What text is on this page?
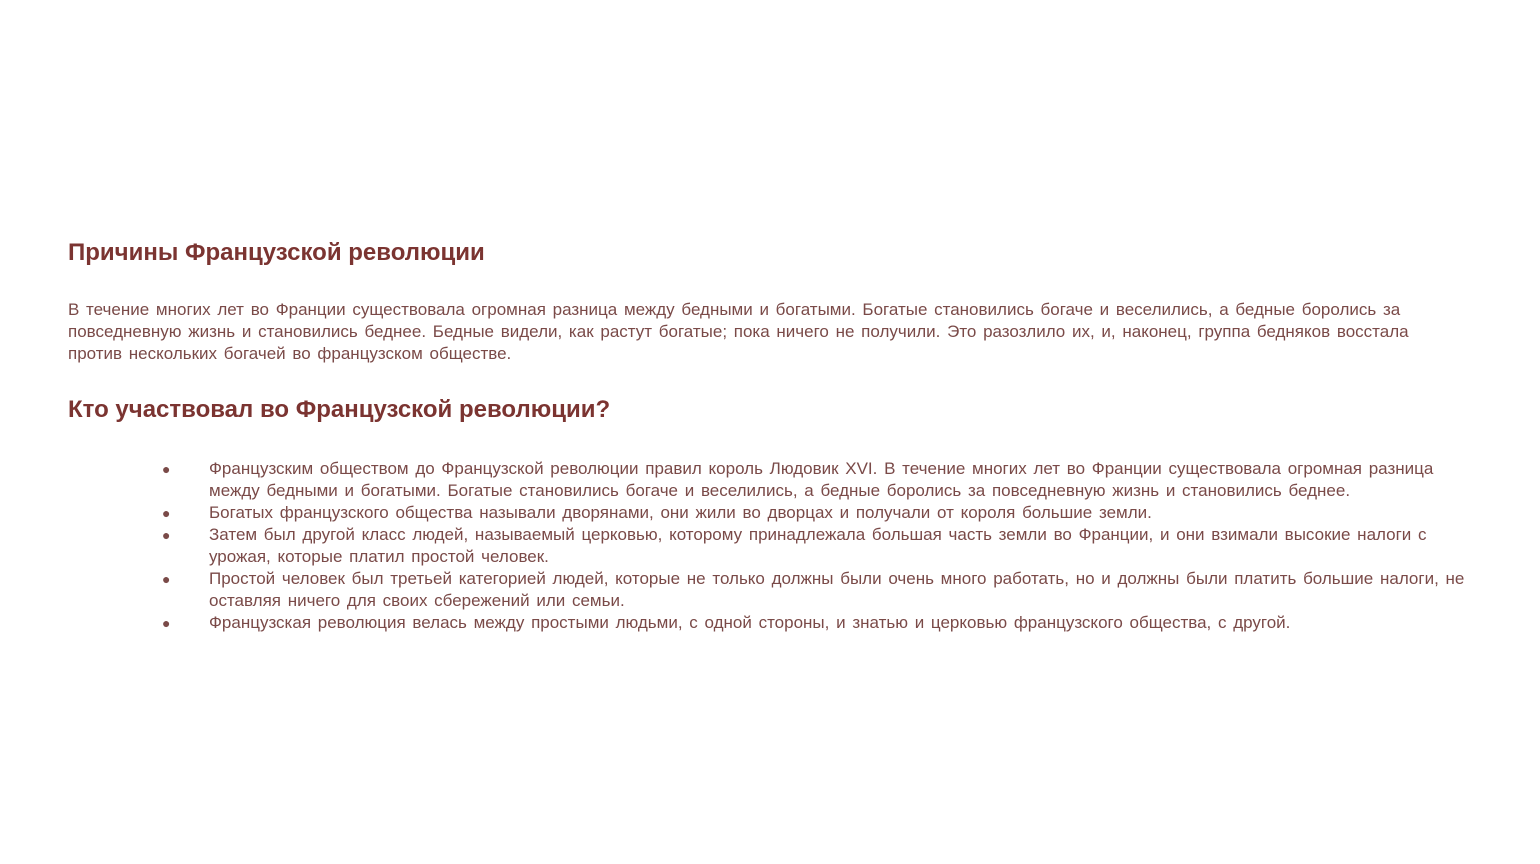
Причины Французской революции

В течение многих лет во Франции существовала огромная разница между бедными и богатыми. Богатые становились богаче и веселились, а бедные боролись за повседневную жизнь и становились беднее. Бедные видели, как растут богатые; пока ничего не получили. Это разозлило их, и, наконец, группа бедняков восстала против нескольких богачей во французском обществе.

Кто участвовал во Французской революции?
● Французским обществом до Французской революции правил король Людовик XVI. В течение многих лет во Франции существовала огромная разница между бедными и богатыми. Богатые становились богаче и веселились, а бедные боролись за повседневную жизнь и становились беднее.
● Богатых французского общества называли дворянами, они жили во дворцах и получали от короля большие земли.
● Затем был другой класс людей, называемый церковью, которому принадлежала большая часть земли во Франции, и они взимали высокие налоги с урожая, которые платил простой человек.
● Простой человек был третьей категорией людей, которые не только должны были очень много работать, но и должны были платить большие налоги, не оставляя ничего для своих сбережений или семьи.
● Французская революция велась между простыми людьми, с одной стороны, и знатью и церковью французского общества, с другой.
